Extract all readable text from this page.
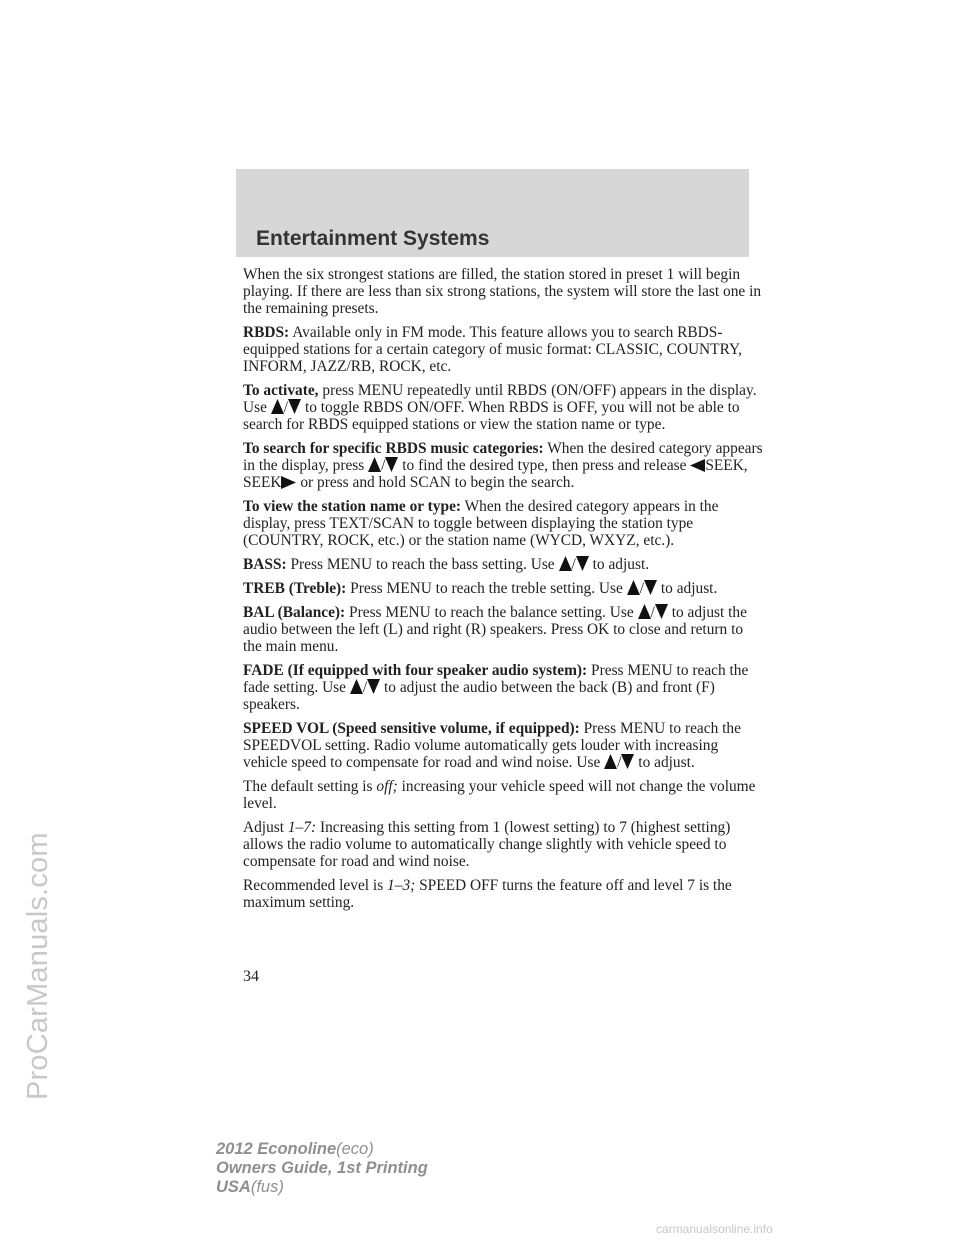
ProCarManuals.com
Entertainment Systems

When the six strongest stations are filled, the station stored in preset 1 will begin playing. If there are less than six strong stations, the system will store the last one in the remaining presets.

RBDS: Available only in FM mode. This feature allows you to search RBDS-equipped stations for a certain category of music format: CLASSIC, COUNTRY, INFORM, JAZZ/RB, ROCK, etc.

To activate, press MENU repeatedly until RBDS (ON/OFF) appears in the display. Use / to toggle RBDS ON/OFF. When RBDS is OFF, you will not be able to search for RBDS equipped stations or view the station name or type.

To search for specific RBDS music categories: When the desired category appears in the display, press / to find the desired type, then press and release SEEK, SEEK or press and hold SCAN to begin the search.

To view the station name or type: When the desired category appears in the display, press TEXT/SCAN to toggle between displaying the station type (COUNTRY, ROCK, etc.) or the station name (WYCD, WXYZ, etc.).

BASS: Press MENU to reach the bass setting. Use / to adjust.

TREB (Treble): Press MENU to reach the treble setting. Use / to adjust.

BAL (Balance): Press MENU to reach the balance setting. Use / to adjust the audio between the left (L) and right (R) speakers. Press OK to close and return to the main menu.

FADE (If equipped with four speaker audio system): Press MENU to reach the fade setting. Use / to adjust the audio between the back (B) and front (F) speakers.

SPEED VOL (Speed sensitive volume, if equipped): Press MENU to reach the SPEEDVOL setting. Radio volume automatically gets louder with increasing vehicle speed to compensate for road and wind noise. Use / to adjust.

The default setting is off; increasing your vehicle speed will not change the volume level.

Adjust 1–7: Increasing this setting from 1 (lowest setting) to 7 (highest setting) allows the radio volume to automatically change slightly with vehicle speed to compensate for road and wind noise.

Recommended level is 1–3; SPEED OFF turns the feature off and level 7 is the maximum setting.

34
2012 Econoline(eco)
Owners Guide, 1st Printing
USA(fus)
carmanualsonline.info
